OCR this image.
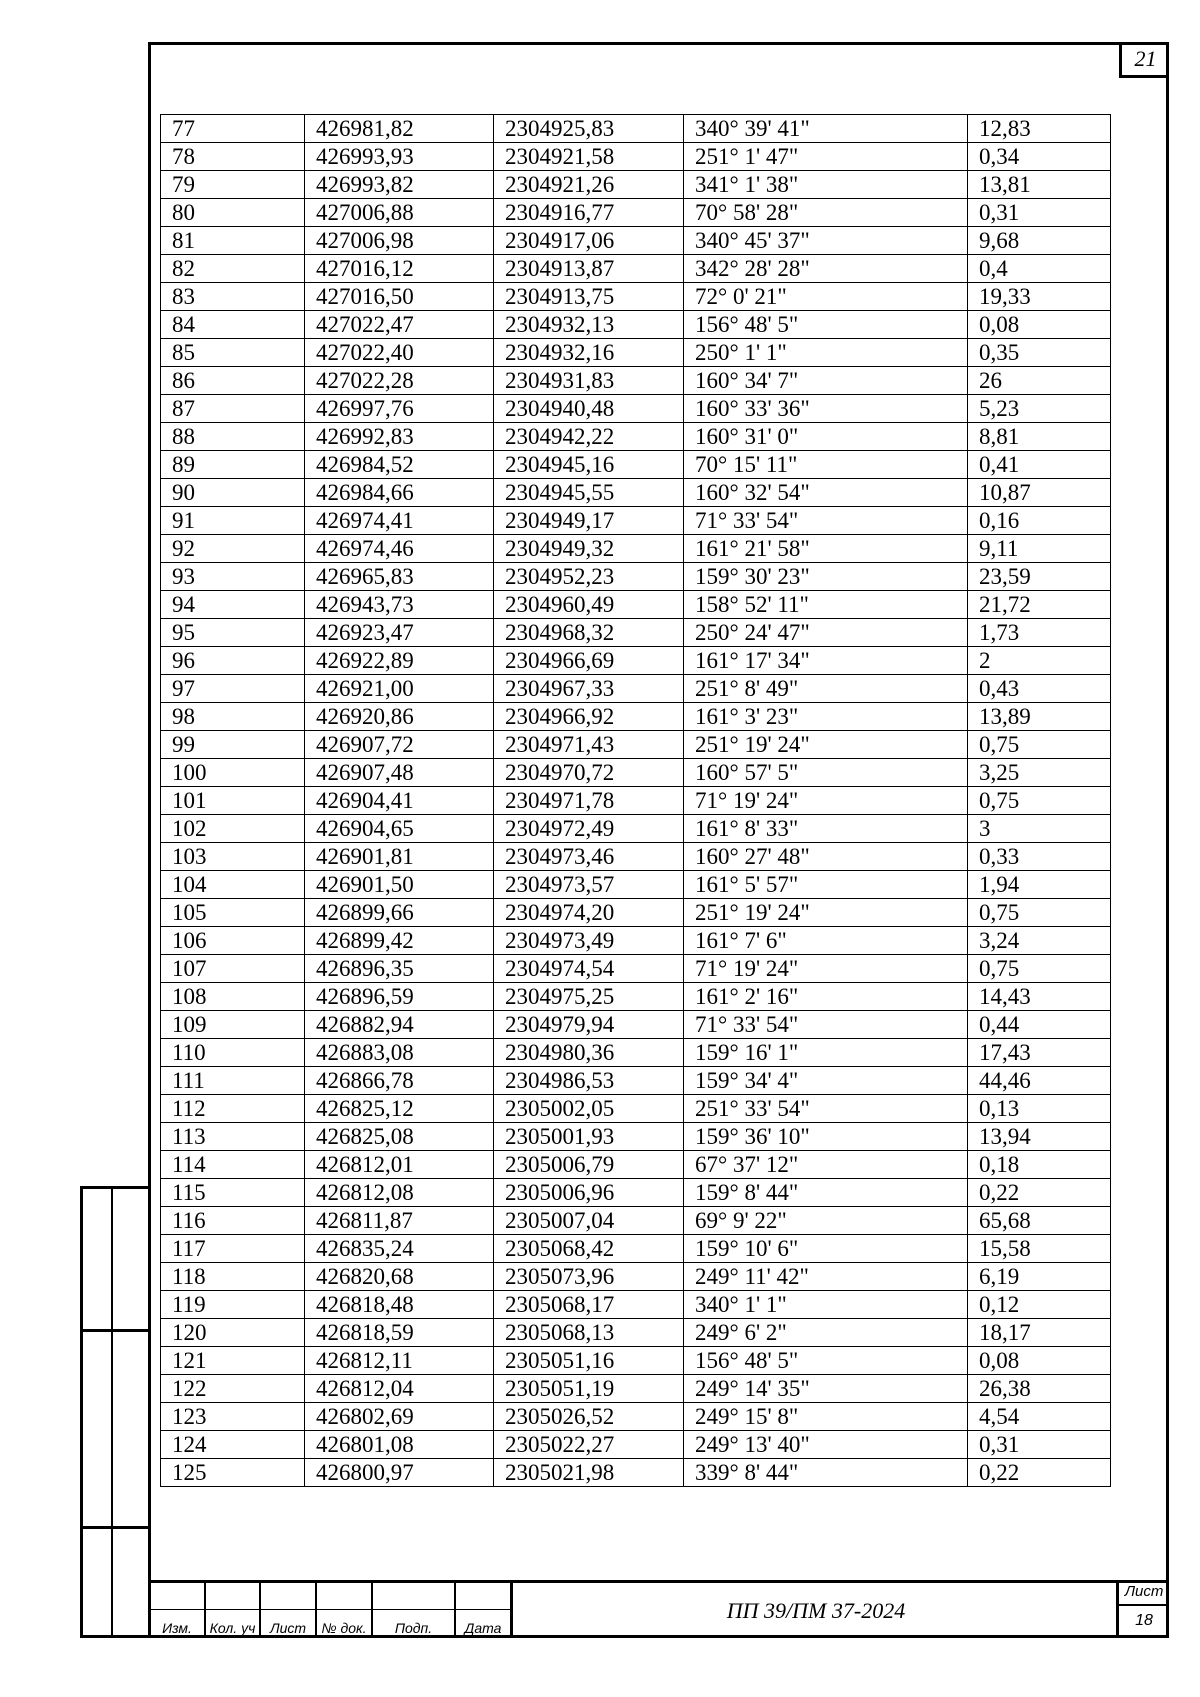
21
77	426981,82	2304925,83	340° 39' 41"	12,83
78	426993,93	2304921,58	251° 1' 47"	0,34
79	426993,82	2304921,26	341° 1' 38"	13,81
80	427006,88	2304916,77	70° 58' 28"	0,31
81	427006,98	2304917,06	340° 45' 37"	9,68
82	427016,12	2304913,87	342° 28' 28"	0,4
83	427016,50	2304913,75	72° 0' 21"	19,33
84	427022,47	2304932,13	156° 48' 5"	0,08
85	427022,40	2304932,16	250° 1' 1"	0,35
86	427022,28	2304931,83	160° 34' 7"	26
87	426997,76	2304940,48	160° 33' 36"	5,23
88	426992,83	2304942,22	160° 31' 0"	8,81
89	426984,52	2304945,16	70° 15' 11"	0,41
90	426984,66	2304945,55	160° 32' 54"	10,87
91	426974,41	2304949,17	71° 33' 54"	0,16
92	426974,46	2304949,32	161° 21' 58"	9,11
93	426965,83	2304952,23	159° 30' 23"	23,59
94	426943,73	2304960,49	158° 52' 11"	21,72
95	426923,47	2304968,32	250° 24' 47"	1,73
96	426922,89	2304966,69	161° 17' 34"	2
97	426921,00	2304967,33	251° 8' 49"	0,43
98	426920,86	2304966,92	161° 3' 23"	13,89
99	426907,72	2304971,43	251° 19' 24"	0,75
100	426907,48	2304970,72	160° 57' 5"	3,25
101	426904,41	2304971,78	71° 19' 24"	0,75
102	426904,65	2304972,49	161° 8' 33"	3
103	426901,81	2304973,46	160° 27' 48"	0,33
104	426901,50	2304973,57	161° 5' 57"	1,94
105	426899,66	2304974,20	251° 19' 24"	0,75
106	426899,42	2304973,49	161° 7' 6"	3,24
107	426896,35	2304974,54	71° 19' 24"	0,75
108	426896,59	2304975,25	161° 2' 16"	14,43
109	426882,94	2304979,94	71° 33' 54"	0,44
110	426883,08	2304980,36	159° 16' 1"	17,43
111	426866,78	2304986,53	159° 34' 4"	44,46
112	426825,12	2305002,05	251° 33' 54"	0,13
113	426825,08	2305001,93	159° 36' 10"	13,94
114	426812,01	2305006,79	67° 37' 12"	0,18
115	426812,08	2305006,96	159° 8' 44"	0,22
116	426811,87	2305007,04	69° 9' 22"	65,68
117	426835,24	2305068,42	159° 10' 6"	15,58
118	426820,68	2305073,96	249° 11' 42"	6,19
119	426818,48	2305068,17	340° 1' 1"	0,12
120	426818,59	2305068,13	249° 6' 2"	18,17
121	426812,11	2305051,16	156° 48' 5"	0,08
122	426812,04	2305051,19	249° 14' 35"	26,38
123	426802,69	2305026,52	249° 15' 8"	4,54
124	426801,08	2305022,27	249° 13' 40"	0,31
125	426800,97	2305021,98	339° 8' 44"	0,22
Изм.	Кол. уч	Лист	№ док.	Подп.	Дата
ПП 39/ПМ 37-2024
Лист
18
